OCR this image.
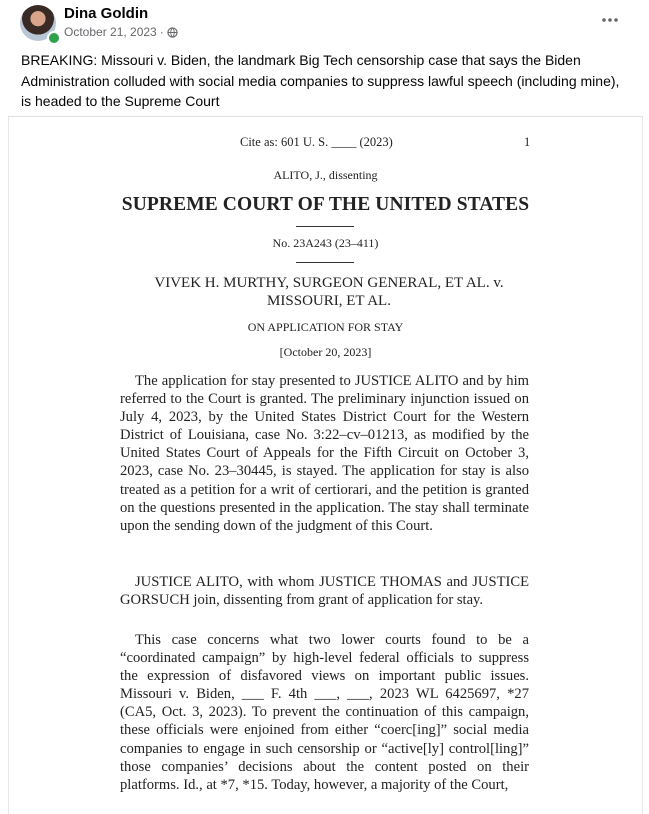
Dina Goldin
October 21, 2023 ·
BREAKING: Missouri v. Biden, the landmark Big Tech censorship case that says the Biden Administration colluded with social media companies to suppress lawful speech (including mine), is headed to the Supreme Court
Cite as: 601 U. S. ____ (2023)	1
ALITO, J., dissenting
SUPREME COURT OF THE UNITED STATES
No. 23A243 (23–411)
VIVEK H. MURTHY, SURGEON GENERAL, ET AL. v. MISSOURI, ET AL.
ON APPLICATION FOR STAY
[October 20, 2023]
The application for stay presented to JUSTICE ALITO and by him referred to the Court is granted. The preliminary injunction issued on July 4, 2023, by the United States District Court for the Western District of Louisiana, case No. 3:22–cv–01213, as modified by the United States Court of Appeals for the Fifth Circuit on October 3, 2023, case No. 23–30445, is stayed. The application for stay is also treated as a petition for a writ of certiorari, and the petition is granted on the questions presented in the application. The stay shall terminate upon the sending down of the judgment of this Court.
JUSTICE ALITO, with whom JUSTICE THOMAS and JUSTICE GORSUCH join, dissenting from grant of application for stay.
This case concerns what two lower courts found to be a “coordinated campaign” by high-level federal officials to suppress the expression of disfavored views on important public issues. Missouri v. Biden, ___ F. 4th ___, ___, 2023 WL 6425697, *27 (CA5, Oct. 3, 2023). To prevent the continuation of this campaign, these officials were enjoined from either “coerc[ing]” social media companies to engage in such censorship or “active[ly] control[ling]” those companies’ decisions about the content posted on their platforms. Id., at *7, *15. Today, however, a majority of the Court,
